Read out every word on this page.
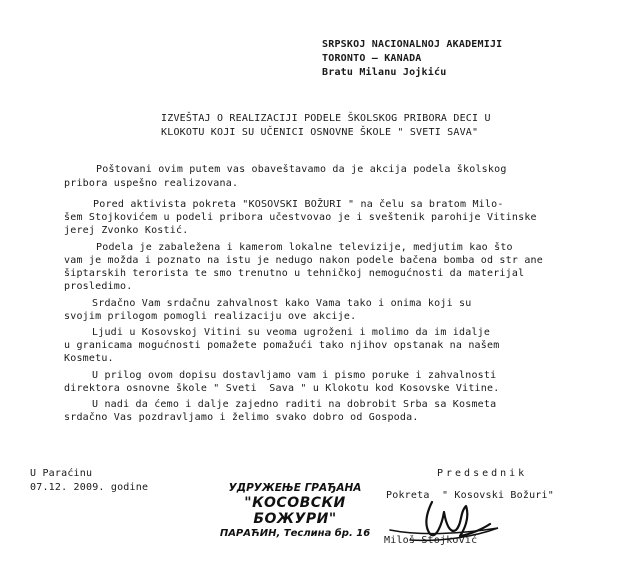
SRPSKOJ NACIONALNOJ AKADEMIJI
TORONTO — KANADA
Bratu Milanu Jojkiću
IZVEŠTAJ O REALIZACIJI PODELE ŠKOLSKOG PRIBORA DECI U
KLOKOTU KOJI SU UČENICI OSNOVNE ŠKOLE " SVETI SAVA"
Poštovani ovim putem vas obaveštavamo da je akcija podela školskog
pribora uspešno realizovana.
Pored aktivista pokreta "KOSOVSKI BOŽURI " na čelu sa bratom Milo-
šem Stojkovićem u podeli pribora učestvovao je i sveštenik parohije Vitinske
jerej Zvonko Kostić.
Podela je zabaležena i kamerom lokalne televizije, medjutim kao što
vam je možda i poznato na istu je nedugo nakon podele bačena bomba od str ane
šiptarskih terorista te smo trenutno u tehničkoj nemogućnosti da materijal
prosledimo.
Srdačno Vam srdačnu zahvalnost kako Vama tako i onima koji su
svojim prilogom pomogli realizaciju ove akcije.
Ljudi u Kosovskoj Vitini su veoma ugroženi i molimo da im idalje
u granicama mogućnosti pomažete pomažući tako njihov opstanak na našem
Kosmetu.
U prilog ovom dopisu dostavljamo vam i pismo poruke i zahvalnosti
direktora osnovne škole " Sveti  Sava " u Klokotu kod Kosovske Vitine.
U nadi da ćemo i dalje zajedno raditi na dobrobit Srba sa Kosmeta
srdačno Vas pozdravljamo i želimo svako dobro od Gospoda.
U Paraćinu
07.12. 2009. godine	УДРУЖЕЊЕ ГРАЂАНА
"КОСОВСКИ БОЖУРИ"
ПАРАЋИН, Теслина бр. 16
Predsednik
Pokreta  " Kosovski Božuri"
Miloš Stojković
